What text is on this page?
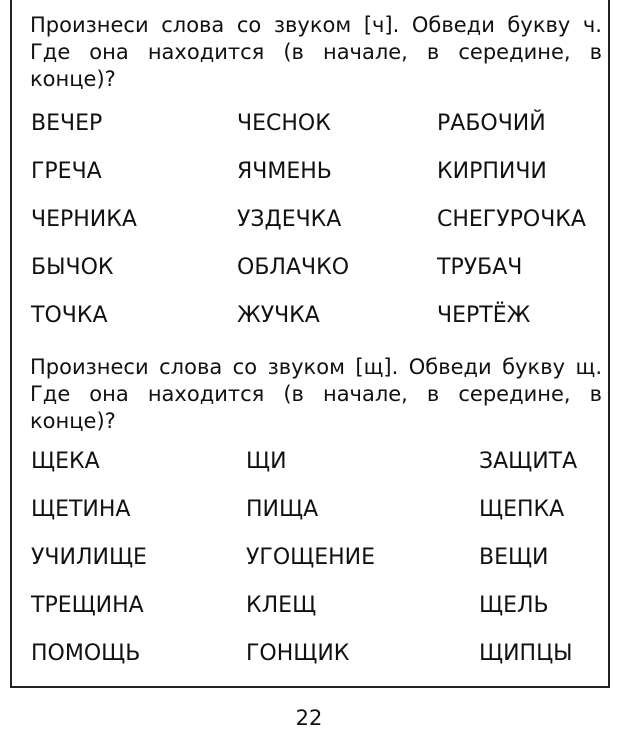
Произнеси слова со звуком [ч]. Обведи букву ч. Где она находится (в начале, в середине, в конце)?
ВЕЧЕР	ЧЕСНОК	РАБОЧИЙ
ГРЕЧА	ЯЧМЕНЬ	КИРПИЧИ
ЧЕРНИКА	УЗДЕЧКА	СНЕГУРОЧКА
БЫЧОК	ОБЛАЧКО	ТРУБАЧ
ТОЧКА	ЖУЧКА	ЧЕРТЁЖ
Произнеси слова со звуком [щ]. Обведи букву щ. Где она находится (в начале, в середине, в конце)?
ЩЕКА	ЩИ	ЗАЩИТА
ЩЕТИНА	ПИЩА	ЩЕПКА
УЧИЛИЩЕ	УГОЩЕНИЕ	ВЕЩИ
ТРЕЩИНА	КЛЕЩ	ЩЕЛЬ
ПОМОЩЬ	ГОНЩИК	ЩИПЦЫ
22
